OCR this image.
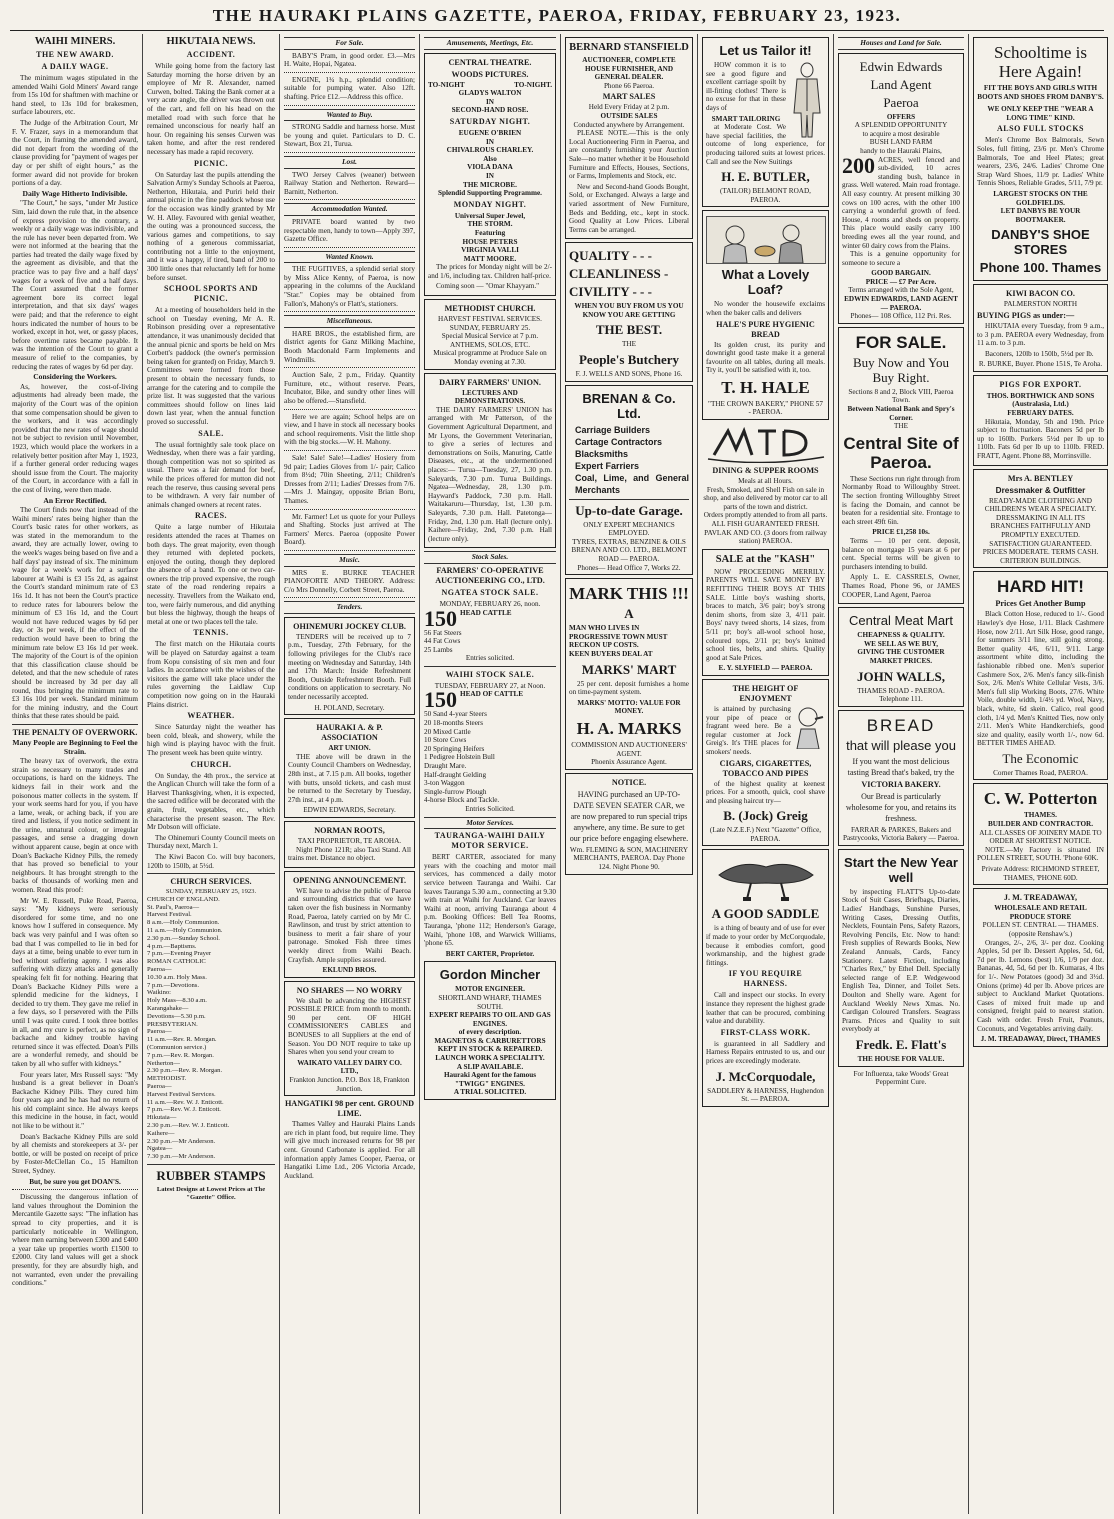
THE HAURAKI PLAINS GAZETTE, PAEROA, FRIDAY, FEBRUARY 23, 1923.
WAIHI MINERS.
THE NEW AWARD.
A DAILY WAGE.

The minimum wages stipulated in the amended Waihi Gold Miners' Award range from 15s 10d for shaftmen with machine or hand steel, to 13s 10d for brakesmen, surface labourers, etc.

The Judge of the Arbitration Court, Mr F. V. Frazer, says in a memorandum that the Court, in framing the amended award, did not depart from the wording of the clause providing for "payment of wages per day or per shift of eight hours," as the former award did not provide for broken portions of a day.

Daily Wage Hitherto Indivisible.

"The Court," he says, "under Mr Justice Sim, laid down the rule that, in the absence of express provision to the contrary, a weekly or a daily wage was indivisible, and the rule has never been departed from. We were not informed at the hearing that the parties had treated the daily wage fixed by the agreement as divisible, and that the practice was to pay five and a half days' wages for a week of five and a half days. The Court assumed that the former agreement bore its correct legal interpretation, and that six days' wages were paid; and that the reference to eight hours indicated the number of hours to be worked, except in hot, wet, or gassy places, before overtime rates became payable. It was the intention of the Court to grant a measure of relief to the companies, by reducing the rates of wages by 6d per day.

Considering the Workers.

As, however, the cost-of-living adjustments had already been made, the majority of the Court was of the opinion that some compensation should be given to the workers, and it was accordingly provided that the new rates of wage should not be subject to revision until November, 1923, which would place the workers in a relatively better position after May 1, 1923, if a further general order reducing wages should issue from the Court. The majority of the Court, in accordance with a fall in the cost of living, were then made.

An Error Rectified.

The Court finds now that instead of the Waihi miners' rates being higher than the Court's basic rates for other workers, as was stated in the memorandum to the award, they are actually lower, owing to the week's wages being based on five and a half days' pay instead of six. The minimum wage for a week's work for a surface labourer at Waihi is £3 15s 2d, as against the Court's standard minimum rate of £3 16s 1d. It has not been the Court's practice to reduce rates for labourers below the minimum of £3 16s 1d, and the Court would not have reduced wages by 6d per day, or 3s per week, if the effect of the reduction would have been to bring the minimum rate below £3 16s 1d per week. The majority of the Court is of the opinion that this classification clause should be deleted, and that the new schedule of rates should be increased by 3d per day all round, thus bringing the minimum rate to £3 16s 10d per week. Standard minimum for the mining industry, and the Court thinks that these rates should be paid.

THE PENALTY OF OVERWORK.
Many People are Beginning to Feel the Strain.

The heavy tax of overwork, the extra strain so necessary to many trades and occupations, is hard on the kidneys. The kidneys fail in their work and the poisonous matter collects in the system. If your work seems hard for you, if you have a lame, weak, or aching back, if you are tired and listless, if you notice sediment in the urine, unnatural colour, or irregular passages, and sense a dragging down without apparent cause, begin at once with Doan's Backache Kidney Pills, the remedy that has proved so beneficial to your neighbours. It has brought strength to the backs of thousands of working men and women. Read this proof:

Mr W. E. Russell, Puke Road, Paeroa, says: "My kidneys were seriously disordered for some time, and no one knows how I suffered in consequence. My back was very painful and I was often so bad that I was compelled to lie in bed for days at a time, being unable to ever turn in bed without suffering agony. I was also suffering with dizzy attacks and generally speaking felt fit for nothing. Hearing that Doan's Backache Kidney Pills were a splendid medicine for the kidneys, I decided to try them. They gave me relief in a few days, so I persevered with the Pills until I was quite cured. I took three bottles in all, and my cure is perfect, as no sign of backache and kidney trouble having returned since it was effected. Doan's Pills are a wonderful remedy, and should be taken by all who suffer with kidneys."

Four years later, Mrs Russell says: "My husband is a great believer in Doan's Backache Kidney Pills. They cured him four years ago and he has had no return of his old complaint since. He always keeps this medicine in the house, in fact, would not like to be without it."

Doan's Backache Kidney Pills are sold by all chemists and storekeepers at 3/- per bottle, or will be posted on receipt of price by Foster-McClellan Co., 15 Hamilton Street, Sydney.

But, be sure you get DOAN'S.

Discussing the dangerous inflation of land values throughout the Dominion the Mercantile Gazette says: "The inflation has spread to city properties, and it is particularly noticeable in Wellington, where men earning between £300 and £400 a year take up properties worth £1500 to £2000. City land values will get a shock presently, for they are absurdly high, and not warranted, even under the prevailing conditions."

HIKUTAIA NEWS.
ACCIDENT.

While going home from the factory last Saturday morning the horse driven by an employee of Mr R. Alexander, named Curwen, bolted. Taking the Bank corner at a very acute angle, the driver was thrown out of the cart, and fell on his head on the metalled road with such force that he remained unconscious for nearly half an hour. On regaining his senses Curwen was taken home, and after the rest rendered necessary has made a rapid recovery.

PICNIC.

On Saturday last the pupils attending the Salvation Army's Sunday Schools at Paeroa, Netherton, Hikutaia, and Puriri held their annual picnic in the fine paddock whose use for the occasion was kindly granted by Mr W. H. Alley. Favoured with genial weather, the outing was a pronounced success, the various games and competitions, to say nothing of a generous commissariat, contributing not a little to the enjoyment, and it was a happy, if tired, band of 200 to 300 little ones that reluctantly left for home before sunset.

SCHOOL SPORTS AND PICNIC.

At a meeting of householders held in the school on Tuesday evening, Mr A. R. Robinson presiding over a representative attendance, it was unanimously decided that the annual picnic and sports be held on Mrs Corbett's paddock (the owner's permission being taken for granted) on Friday, March 9. Committees were formed from those present to obtain the necessary funds, to arrange for the catering and to compile the prize list. It was suggested that the various committees should follow on lines laid down last year, when the annual function proved so successful.

SALE.

The usual fortnightly sale took place on Wednesday, when there was a fair yarding, though competition was not so spirited as usual. There was a fair demand for beef, while the prices offered for mutton did not reach the reserve, thus causing several pens to be withdrawn. A very fair number of animals changed owners at recent rates.

RACES.

Quite a large number of Hikutaia residents attended the races at Thames on both days. The great majority, even though they returned with depleted pockets, enjoyed the outing, though they deplored the absence of a band. To one or two car-owners the trip proved expensive, the rough state of the road rendering repairs a necessity. Travellers from the Waikato end, too, were fairly numerous, and did anything but bless the highway, though the heaps of metal at one or two places tell the tale.

TENNIS.

The first match on the Hikutaia courts will be played on Saturday against a team from Kopu consisting of six men and four ladies. In accordance with the wishes of the visitors the game will take place under the rules governing the Laidlaw Cup competition now going on in the Hauraki Plains district.

WEATHER.

Since Saturday night the weather has been cold, bleak, and showery, while the high wind is playing havoc with the fruit. The present week has been quite wintry.

CHURCH.

On Sunday, the 4th prox., the service at the Anglican Church will take the form of a Harvest Thanksgiving, when, it is expected, the sacred edifice will be decorated with the grain, fruit, vegetables, etc., which characterise the present season. The Rev. Mr Dobson will officiate.

The Ohinemuri County Council meets on Thursday next, March 1.

The Kiwi Bacon Co. will buy baconers, 120lb to 150lb, at 5½d.

CHURCH SERVICES.
SUNDAY, FEBRUARY 25, 1923.
CHURCH OF ENGLAND.
St. Paul's, Paeroa—
Harvest Festival.
8 a.m.—Holy Communion.
11 a.m.—Holy Communion.
2.30 p.m.—Sunday School.
4 p.m.—Baptisms.
7 p.m.—Evening Prayer
ROMAN CATHOLIC
Paeroa—
10.30 a.m. Holy Mass.
7 p.m.—Devotions.
Waikino:
Holy Mass—8.30 a.m.
Karangahake—
Devotions—5.30 p.m.
PRESBYTERIAN.
Paeroa—
11 a.m.—Rev. R. Morgan.
(Communion service.)
7 p.m.—Rev. R. Morgan.
Netherton—
2.30 p.m.—Rev. R. Morgan.
METHODIST.
Paeroa—
Harvest Festival Services.
11 a.m.—Rev. W. J. Enticott.
7 p.m.—Rev. W. J. Enticott.
Hikutaia—
2.30 p.m.—Rev. W. J. Enticott.
Kaihere—
2.30 p.m.—Mr Anderson.
Ngatea—
7.30 p.m.—Mr Anderson.
RUBBER STAMPS
Latest Designs at Lowest Prices at The "Gazette" Office.
For Sale.

BABY'S Pram, in good order. £3.—Mrs H. Waite, Hopai, Ngatea.

ENGINE, 1¾ h.p., splendid condition; suitable for pumping water. Also 12ft. shafting. Price £12.—Address this office.

Wanted to Buy.

STRONG Saddle and harness horse. Must be young and quiet. Particulars to D. C. Stewart, Box 21, Turua.

Lost.

TWO Jersey Calves (weaner) between Railway Station and Netherton. Reward—Barnitt, Netherton.

Accommodation Wanted.

PRIVATE board wanted by two respectable men, handy to town—Apply 397, Gazette Office.

Wanted Known.

THE FUGITIVES, a splendid serial story by Miss Alice Kenny, of Paeroa, is now appearing in the columns of the Auckland "Star." Copies may be obtained from Fallon's, Mahony's or Flatt's, stationers.

Miscellaneous.

HARE BROS., the established firm, are district agents for Ganz Milking Machine, Booth Macdonald Farm Implements and Windmills.

Auction Sale, 2 p.m., Friday. Quantity Furniture, etc., without reserve. Pears, Incubator, Bike, and sundry other lines will also be offered.—Stansfield.

Here we are again; School helps are on view, and I have in stock all necessary books and school requirements. Visit the little shop with the big stocks.—W. H. Mahony.

Sale! Sale! Sale!—Ladies' Hosiery from 9d pair; Ladies Gloves from 1/- pair; Calico from 8½d; 70in Sheeting, 2/11; Children's Dresses from 2/11; Ladies' Dresses from 7/6.—Mrs J. Maingay, opposite Brian Boru, Thames.

Mr. Farmer! Let us quote for your Pulleys and Shafting. Stocks just arrived at The Farmers' Mercs. Paeroa (opposite Power Board).

Music.

MRS E. BURKE TEACHER PIANOFORTE AND THEORY. Address: C/o Mrs Donnelly, Corbett Street, Paeroa.

Tenders.
OHINEMURI JOCKEY CLUB.

TENDERS will be received up to 7 p.m., Tuesday, 27th February, for the following privileges for the Club's race meeting on Wednesday and Saturday, 14th and 17th March: Inside Refreshment Booth, Outside Refreshment Booth. Full conditions on application to secretary. No tender necessarily accepted.

H. POLAND, Secretary.
HAURAKI A. & P. ASSOCIATION
ART UNION.

THE above will be drawn in the County Council Chambers on Wednesday, 28th inst., at 7.15 p.m. All books, together with butts, unsold tickets, and cash must be returned to the Secretary by Tuesday, 27th inst., at 4 p.m.

EDWIN EDWARDS, Secretary.
NORMAN ROOTS,
TAXI PROPRIETOR, TE AROHA.

Night Phone 121R; also Taxi Stand. All trains met. Distance no object.

OPENING ANNOUNCEMENT.

WE have to advise the public of Paeroa and surrounding districts that we have taken over the fish business in Normanby Road, Paeroa, lately carried on by Mr C. Rawlinson, and trust by strict attention to business to merit a fair share of your patronage. Smoked Fish three times weekly direct from Waihi Beach. Crayfish. Ample supplies assured.

EKLUND BROS.
NO SHARES — NO WORRY

We shall be advancing the HIGHEST POSSIBLE PRICE from month to month. 90 per cent. OF HIGH COMMISSIONER'S CABLES and BONUSES to all Suppliers at the end of Season. You DO NOT require to take up Shares when you send your cream to

WAIKATO VALLEY DAIRY CO. LTD.,
Frankton Junction. P.O. Box 18, Frankton Junction.
HANGATIKI 98 per cent. GROUND LIME.

Thames Valley and Hauraki Plains Lands are rich in plant food, but require lime. They will give much increased returns for 98 per cent. Ground Carbonate is applied. For all information apply James Cooper, Paeroa, or Hangatiki Lime Ltd., 206 Victoria Arcade, Auckland.

Amusements, Meetings, Etc.
CENTRAL THEATRE.
WOODS PICTURES.
TO-NIGHT	TO-NIGHT.
GLADYS WALTON
IN
SECOND-HAND ROSE.
SATURDAY NIGHT.
EUGENE O'BRIEN
IN
CHIVALROUS CHARLEY.
Also
VIOLA DANA
IN
THE MICROBE.
Splendid Supporting Programme.
MONDAY NIGHT.
Universal Super Jewel,
THE STORM.
Featuring
HOUSE PETERS
VIRGINIA VALLI
MATT MOORE.

The prices for Monday night will be 2/- and 1/6, including tax. Children half-price.

Coming soon — "Omar Khayyam."

METHODIST CHURCH.
HARVEST FESTIVAL SERVICES.
SUNDAY, FEBRUARY 25.
Special Musical Service at 7 p.m.
ANTHEMS, SOLOS, ETC.
Musical programme at Produce Sale on Monday evening at 7.30.
DAIRY FARMERS' UNION.
LECTURES AND DEMONSTRATIONS.

THE DAIRY FARMERS' UNION has arranged with Mr Patterson, of the Government Agricultural Department, and Mr Lyons, the Government Veterinarian, to give a series of lectures and demonstrations on Soils, Manuring, Cattle Diseases, etc., at the undermentioned places:— Turua—Tuesday, 27, 1.30 p.m. Saleyards, 7.30 p.m. Turua Buildings. Ngatea—Wednesday, 28, 1.30 p.m. Hayward's Paddock, 7.30 p.m. Hall. Waitakaruru—Thursday, 1st, 1.30 p.m. Saleyards, 7.30 p.m. Hall. Patetonga—Friday, 2nd, 1.30 p.m. Hall (lecture only). Kaihere—Friday, 2nd, 7.30 p.m. Hall (lecture only).

Stock Sales.
FARMERS' CO-OPERATIVE AUCTIONEERING CO., LTD.
NGATEA STOCK SALE.
MONDAY, FEBRUARY 26, noon.
150 HEAD CATTLE
56 Fat Steers
44 Fat Cows
25 Lambs
Entries solicited.
WAIHI STOCK SALE.
TUESDAY, FEBRUARY 27, at Noon.
150 HEAD OF CATTLE
50 Sand 4-year Steers
20 18-months Steers
20 Mixed Cattle
10 Store Cows
20 Springing Heifers
1 Pedigree Holstein Bull
Draught Mare.
Half-draught Gelding
3-ton Waggon
Single-furrow Plough
4-horse Block and Tackle.
Entries Solicited.
Motor Services.
TAURANGA-WAIHI DAILY MOTOR SERVICE.

BERT CARTER, associated for many years with the coaching and motor mail services, has commenced a daily motor service between Tauranga and Waihi. Car leaves Tauranga 5.30 a.m., connecting at 9.30 with train at Waihi for Auckland. Car leaves Waihi at noon, arriving Tauranga about 4 p.m. Booking Offices: Bell Tea Rooms, Tauranga, 'phone 112; Henderson's Garage, Waihi, 'phone 108, and Warwick Williams, 'phone 65.

BERT CARTER, Proprietor.
Gordon Mincher
MOTOR ENGINEER.
SHORTLAND WHARF, THAMES SOUTH.
EXPERT REPAIRS TO OIL AND GAS ENGINES.
of every description.
MAGNETOS & CARBURETTORS KEPT IN STOCK & REPAIRED. LAUNCH WORK A SPECIALITY.
A SLIP AVAILABLE.
Hauraki Agent for the famous "TWIGG" ENGINES.
A TRIAL SOLICITED.
BERNARD STANSFIELD
AUCTIONEER, COMPLETE HOUSE FURNISHER, AND GENERAL DEALER.
Phone 66 Paeroa.
MART SALES
Held Every Friday at 2 p.m.
OUTSIDE SALES
Conducted anywhere by Arrangement.

PLEASE NOTE.—This is the only Local Auctioneering Firm in Paeroa, and are constantly furnishing your Auction Sale—no matter whether it be Household Furniture and Effects, Houses, Sections, or Farms, Implements and Stock, etc.

New and Second-hand Goods Bought, Sold, or Exchanged. Always a large and varied assortment of New Furniture, Beds and Bedding, etc., kept in stock. Good Quality at Low Prices. Liberal Terms can be arranged.

QUALITY - - -
CLEANLINESS -
CIVILITY - - -
WHEN YOU BUY FROM US YOU KNOW YOU ARE GETTING
THE BEST.
THE
People's Butchery
F. J. WELLS AND SONS, Phone 16.
BRENAN & Co. Ltd.
Carriage Builders
Cartage Contractors
Blacksmiths
Expert Farriers
Coal, Lime, and General Merchants
Up-to-date Garage.
ONLY EXPERT MECHANICS EMPLOYED.
TYRES, EXTRAS, BENZINE & OILS
BRENAN AND CO. LTD., BELMONT ROAD — PAEROA.
Phones— Head Office 7, Works 22.
MARK THIS !!!
A
MAN WHO LIVES IN
PROGRESSIVE TOWN MUST
RECKON UP COSTS.
KEEN BUYERS DEAL AT
MARKS' MART

25 per cent. deposit furnishes a home on time-payment system.

MARKS' MOTTO: VALUE FOR MONEY.
H. A. MARKS
COMMISSION AND AUCTIONEERS' AGENT.
Phoenix Assurance Agent.
NOTICE.

HAVING purchased an UP-TO-DATE SEVEN SEATER CAR, we are now prepared to run special trips anywhere, any time. Be sure to get our price before engaging elsewhere.

Wm. FLEMING & SON, MACHINERY MERCHANTS, PAEROA. Day Phone 124. Night Phone 90.
Let us Tailor it!

HOW common it is to see a good figure and excellent carriage spoilt by ill-fitting clothes! There is no excuse for that in these days of

SMART TAILORING

at Moderate Cost. We have special facilities, the outcome of long experience, for producing tailored suits at lowest prices. Call and see the New Suitings

H. E. BUTLER,
(TAILOR) BELMONT ROAD, PAEROA.
What a Lovely Loaf?

No wonder the housewife exclaims when the baker calls and delivers

HALE'S PURE HYGIENIC BREAD

Its golden crust, its purity and downright good taste make it a general favourite on all tables, during all meals. Try it, you'll be satisfied with it, too.

T. H. HALE
"THE CROWN BAKERY," PHONE 57 - PAEROA.
DINING & SUPPER ROOMS
Meals at all Hours.
Fresh, Smoked, and Shell Fish on sale in shop, and also delivered by motor car to all parts of the town and district.
Orders promptly attended to from all parts.
ALL FISH GUARANTEED FRESH.
PAVLAK AND CO. (3 doors from railway station) PAEROA.
SALE at the "KASH"

NOW PROCEEDING MERRILY. PARENTS WILL SAVE MONEY BY REFITTING THEIR BOYS AT THIS SALE. Little boy's washing shorts, braces to match, 3/6 pair; boy's strong denim shorts, from size 3, 4/11 pair. Boys' navy tweed shorts, 14 sizes, from 5/11 pr; boy's all-wool school hose, coloured tops, 2/11 pr; boy's knitted school ties, belts, and shirts. Quality good at Sale Prices.

E. Y. SLYFIELD — PAEROA.
THE HEIGHT OF ENJOYMENT

is attained by purchasing your pipe of peace or fragrant weed here. Be a regular customer at Jock Greig's. It's THE places for smokers' needs.

CIGARS, CIGARETTES, TOBACCO AND PIPES

of the highest quality at keenest prices. For a smooth, quick, cool shave and pleasing haircut try—

B. (Jock) Greig
(Late N.Z.E.F.) Next "Gazette" Office, PAEROA.
A GOOD SADDLE

is a thing of beauty and of use for ever if made to your order by McCorquodale, because it embodies comfort, good workmanship, and the highest grade fittings.

IF YOU REQUIRE HARNESS.

Call and inspect our stocks. In every instance they represent the highest grade leather that can be procured, combining value and durability.

FIRST-CLASS WORK.

is guaranteed in all Saddlery and Harness Repairs entrusted to us, and our prices are exceedingly moderate.

J. McCorquodale,
SADDLERY & HARNESS, Hughendon St. — PAEROA.
Houses and Land for Sale.
Edwin Edwards
Land Agent
Paeroa
OFFERS
A SPLENDID OPPORTUNITY
to acquire a most desirable
BUSH LAND FARM
handy to the Hauraki Plains,
200 ACRES, well fenced and sub-divided, 10 acres standing bush, balance in grass. Well watered. Main road frontage. All easy country. At present milking 30 cows on 100 acres, with the other 100 carrying a wonderful growth of feed. House, 4 rooms and sheds on property. This place would easily carry 100 breeding ewes all the year round, and winter 60 dairy cows from the Plains.

This is a genuine opportunity for someone to secure a

GOOD BARGAIN.
PRICE — £7 Per Acre.
Terms arranged with the Sole Agent,
EDWIN EDWARDS, LAND AGENT — PAEROA.
Phones— 108 Office, 112 Pri. Res.
FOR SALE.
Buy Now and You Buy Right.
Sections 8 and 2, Block VIII, Paeroa Town.
Between National Bank and Spry's Corner.
THE
Central Site of Paeroa.

These Sections run right through from Normanby Road to Willoughby Street. The section fronting Willoughby Street is facing the Domain, and cannot be beaten for a residential site. Frontage to each street 49ft 6in.

PRICE £1,258 10s.

Terms — 10 per cent. deposit, balance on mortgage 15 years at 6 per cent. Special terms will be given to purchasers intending to build.

Apply L. E. CASSRELS, Owner, Thames Road, Phone 96, or JAMES COOPER, Land Agent, Paeroa

Central Meat Mart
CHEAPNESS & QUALITY.
WE SELL AS WE BUY,
GIVING THE CUSTOMER
MARKET PRICES.
JOHN WALLS,
THAMES ROAD - PAEROA. Telephone 111.
BREAD
that will please you

If you want the most delicious tasting Bread that's baked, try the

VICTORIA BAKERY.

Our Bread is particularly wholesome for you, and retains its freshness.

FARRAR & PARKES, Bakers and Pastrycooks, Victoria Bakery — Paeroa.
Start the New Year well

by inspecting FLATT'S Up-to-date Stock of Suit Cases, Briefbags, Diaries, Ladies' Handbags, Sunshine Purses, Writing Cases, Dressing Outfits, Necklets, Fountain Pens, Safety Razors, Revolving Pencils, Etc. Now to hand: Fresh supplies of Rewards Books, New Zealand Annuals, Cards, Fancy Stationery. Latest Fiction, including "Charles Rex," by Ethel Dell. Specially selected range of E.P. Wedgewood English Tea, Dinner, and Toilet Sets. Doulton and Shelly ware. Agent for Auckland Weekly News Xmas. No. Cardigan Coloured Transfers. Seagrass Prams. Prices and Quality to suit everybody at

Fredk. E. Flatt's
THE HOUSE FOR VALUE.
For Influenza, take Woods' Great Peppermint Cure.
Schooltime is Here Again!
FIT THE BOYS AND GIRLS WITH BOOTS AND SHOES FROM DANBY'S.
WE ONLY KEEP THE "WEAR A LONG TIME" KIND.
ALSO FULL STOCKS

Men's Chrome Box Balmorals, Sewn Soles, full fitting, 23/6 pr. Men's Chrome Balmorals, Toe and Heel Plates; great wearers, 23/6, 24/6. Ladies' Chrome One Strap Ward Shoes, 11/9 pr. Ladies' White Tennis Shoes, Reliable Grades, 5/11, 7/9 pr.

LARGEST STOCKS ON THE GOLDFIELDS.
LET DANBYS BE YOUR BOOTMAKER.
DANBY'S SHOE STORES
Phone 100. Thames
KIWI BACON CO.
PALMERSTON NORTH
BUYING PIGS as under:—

HIKUTAIA every Tuesday, from 9 a.m., to 3 p.m. PAEROA every Wednesday, from 11 a.m. to 3 p.m.

Baconers, 120lb to 150lb, 5½d per lb.

R. BURKE, Buyer. Phone 151S, Te Aroha.
PIGS FOR EXPORT.
THOS. BORTHWICK AND SONS (Australasia, Ltd.)
FEBRUARY DATES.

Hikutaia, Monday, 5th and 19th. Price subject to fluctuation. Baconers 5d per lb up to 160lb. Porkers 5½d per lb up to 110lb. Fats 6d per lb up to 110lb. FRED. FRATT, Agent. Phone 88, Morrinsville.

Mrs A. BENTLEY
Dressmaker & Outfitter
READY-MADE CLOTHING AND CHILDREN'S WEAR A SPECIALTY. DRESSMAKING IN ALL ITS BRANCHES FAITHFULLY AND PROMPTLY EXECUTED. SATISFACTION GUARANTEED. PRICES MODERATE. TERMS CASH. CRITERION BUILDINGS.
HARD HIT!
Prices Get Another Bump

Black Cotton Hose, reduced to 1/-. Good Hawley's dye Hose, 1/11. Black Cashmere Hose, now 2/11. Art Silk Hose, good range, for summers 3/11 line, still going strong. Better quality 4/6, 6/11, 9/11. Large assortment white ditto, including the fashionable ribbed one. Men's superior Cashmere Sox, 2/6. Men's fancy silk-finish Sox, 2/6. Men's White Cellular Vests, 3/6. Men's full slip Working Boots, 27/6. White Voile, double width, 1/4½ yd. Wool, Navy, black, white, 6d skein. Calico, real good cloth, 1/4 yd. Men's Knitted Ties, now only 2/11. Men's White Handkerchiefs, good size and quality, easily worth 1/-, now 6d. BETTER TIMES AHEAD.

The Economic
Corner Thames Road, PAEROA.
C. W. Potterton
THAMES.
BUILDER AND CONTRACTOR.
ALL CLASSES OF JOINERY MADE TO ORDER AT SHORTEST NOTICE.

NOTE.—My Factory is situated IN POLLEN STREET, SOUTH. 'Phone 60K.

Private Address: RICHMOND STREET, THAMES, 'PHONE 60D.
J. M. TREADAWAY,
WHOLESALE AND RETAIL PRODUCE STORE
POLLEN ST. CENTRAL — THAMES. (opposite Renshaw's.)

Oranges, 2/-, 2/6, 3/- per doz. Cooking Apples, 5d per lb. Dessert Apples, 5d, 6d, 7d per lb. Lemons (best) 1/6, 1/9 per doz. Bananas, 4d, 5d, 6d per lb. Kumaras, 4 lbs for 1/-. New Potatoes (good) 3d and 3½d. Onions (prime) 4d per lb. Above prices are subject to Auckland Market Quotations. Cases of mixed fruit made up and consigned, freight paid to nearest station. Cash with order. Fresh Fruit, Peanuts, Coconuts, and Vegetables arriving daily.

J. M. TREADAWAY, Direct, THAMES
